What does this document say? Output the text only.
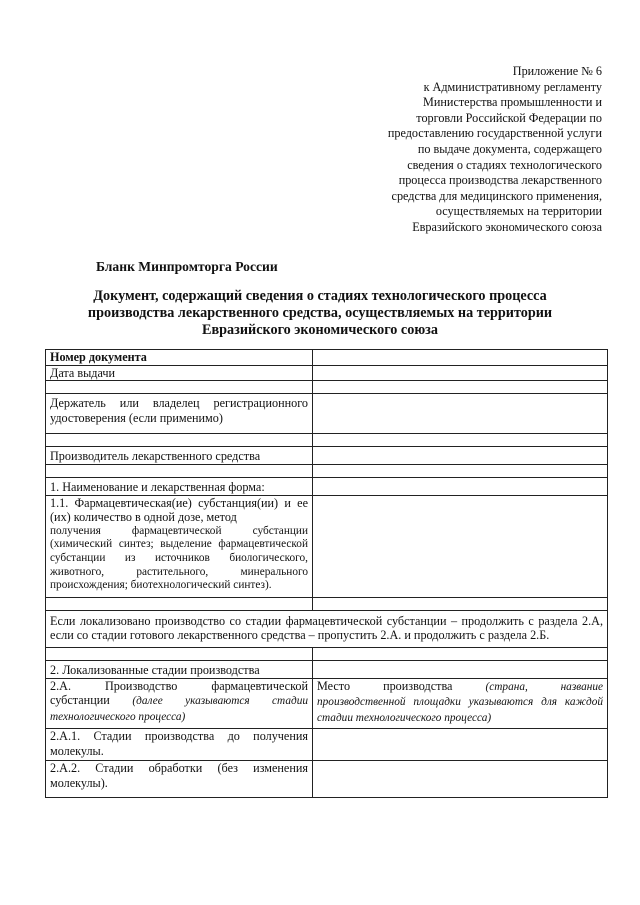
Приложение № 6
к Административному регламенту
Министерства промышленности и
торговли Российской Федерации по
предоставлению государственной услуги
по выдаче документа, содержащего
сведения о стадиях технологического
процесса производства лекарственного
средства для медицинского применения,
осуществляемых на территории
Евразийского экономического союза
Бланк Минпромторга России
Документ, содержащий сведения о стадиях технологического процесса
производства лекарственного средства, осуществляемых на территории
Евразийского экономического союза
Номер документа	
Дата выдачи	

Держатель или владелец регистрационного удостоверения (если применимо)	

Производитель лекарственного средства	

1. Наименование и лекарственная форма:	

1.1. Фармацевтическая(ие) субстанция(ии) и ее (их) количество в одной дозе, метод
получения фармацевтической субстанции (химический синтез; выделение фармацевтической субстанции из источников биологического, животного, растительного, минерального происхождения; биотехнологический синтез).	

Если локализовано производство со стадии фармацевтической субстанции – продолжить с раздела 2.А, если со стадии готового лекарственного средства – пропустить 2.А. и продолжить с раздела 2.Б.	

2. Локализованные стадии производства	
2.А. Производство фармацевтической субстанции (далее указываются стадии технологического процесса)	Место производства (страна, название производственной площадки указываются для каждой стадии технологического процесса)
2.А.1. Стадии производства до получения молекулы.	
2.А.2. Стадии обработки (без изменения молекулы).	
